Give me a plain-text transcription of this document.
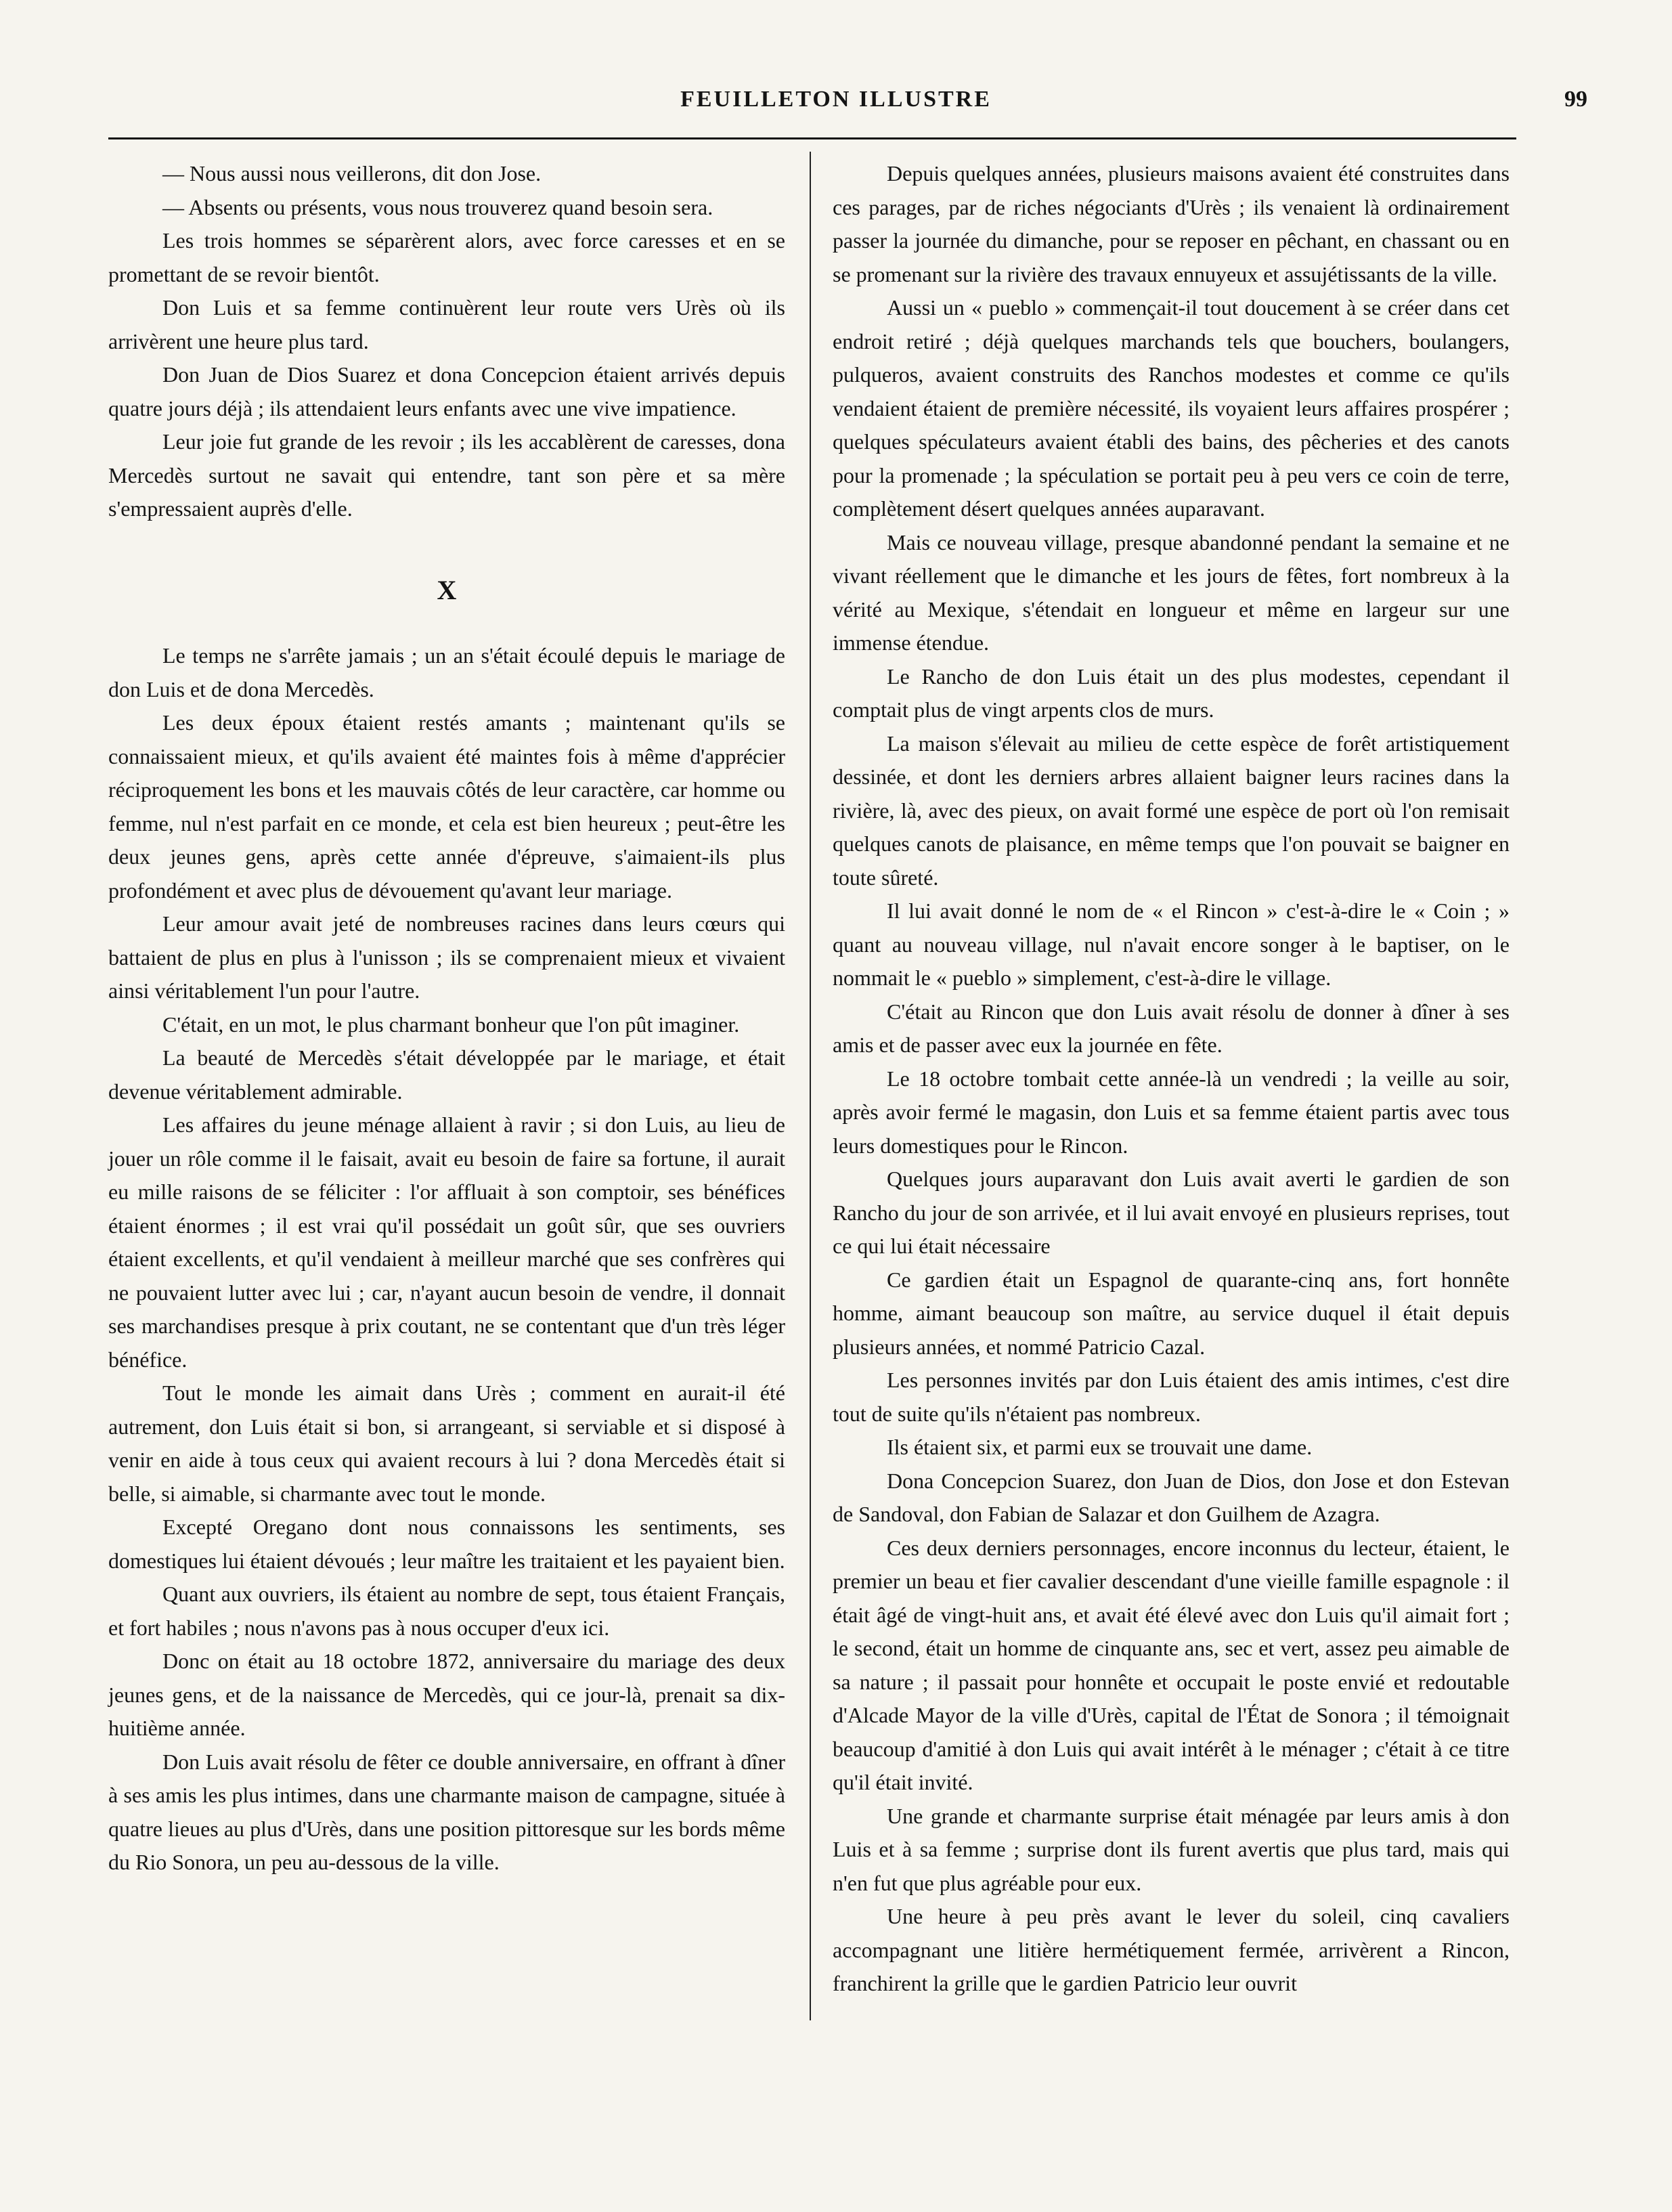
FEUILLETON ILLUSTRE	99

— Nous aussi nous veillerons, dit don Jose.

— Absents ou présents, vous nous trouverez quand besoin sera.

Les trois hommes se séparèrent alors, avec force caresses et en se promettant de se revoir bientôt.

Don Luis et sa femme continuèrent leur route vers Urès où ils arrivèrent une heure plus tard.

Don Juan de Dios Suarez et dona Concepcion étaient arrivés depuis quatre jours déjà ; ils attendaient leurs enfants avec une vive impatience.

Leur joie fut grande de les revoir ; ils les accablèrent de caresses, dona Mercedès surtout ne savait qui entendre, tant son père et sa mère s'empressaient auprès d'elle.

X

Le temps ne s'arrête jamais ; un an s'était écoulé depuis le mariage de don Luis et de dona Mercedès.

Les deux époux étaient restés amants ; maintenant qu'ils se connaissaient mieux, et qu'ils avaient été maintes fois à même d'apprécier réciproquement les bons et les mauvais côtés de leur caractère, car homme ou femme, nul n'est parfait en ce monde, et cela est bien heureux ; peut-être les deux jeunes gens, après cette année d'épreuve, s'aimaient-ils plus profondément et avec plus de dévouement qu'avant leur mariage.

Leur amour avait jeté de nombreuses racines dans leurs cœurs qui battaient de plus en plus à l'unisson ; ils se comprenaient mieux et vivaient ainsi véritablement l'un pour l'autre.

C'était, en un mot, le plus charmant bonheur que l'on pût imaginer.

La beauté de Mercedès s'était développée par le mariage, et était devenue véritablement admirable.

Les affaires du jeune ménage allaient à ravir ; si don Luis, au lieu de jouer un rôle comme il le faisait, avait eu besoin de faire sa fortune, il aurait eu mille raisons de se féliciter : l'or affluait à son comptoir, ses bénéfices étaient énormes ; il est vrai qu'il possédait un goût sûr, que ses ouvriers étaient excellents, et qu'il vendaient à meilleur marché que ses confrères qui ne pouvaient lutter avec lui ; car, n'ayant aucun besoin de vendre, il donnait ses marchandises presque à prix coutant, ne se contentant que d'un très léger bénéfice.

Tout le monde les aimait dans Urès ; comment en aurait-il été autrement, don Luis était si bon, si arrangeant, si serviable et si disposé à venir en aide à tous ceux qui avaient recours à lui ? dona Mercedès était si belle, si aimable, si charmante avec tout le monde.

Excepté Oregano dont nous connaissons les sentiments, ses domestiques lui étaient dévoués ; leur maître les traitaient et les payaient bien.

Quant aux ouvriers, ils étaient au nombre de sept, tous étaient Français, et fort habiles ; nous n'avons pas à nous occuper d'eux ici.

Donc on était au 18 octobre 1872, anniversaire du mariage des deux jeunes gens, et de la naissance de Mercedès, qui ce jour-là, prenait sa dix-huitième année.

Don Luis avait résolu de fêter ce double anniversaire, en offrant à dîner à ses amis les plus intimes, dans une charmante maison de campagne, située à quatre lieues au plus d'Urès, dans une position pittoresque sur les bords même du Rio Sonora, un peu au-dessous de la ville.

Depuis quelques années, plusieurs maisons avaient été construites dans ces parages, par de riches négociants d'Urès ; ils venaient là ordinairement passer la journée du dimanche, pour se reposer en pêchant, en chassant ou en se promenant sur la rivière des travaux ennuyeux et assujétissants de la ville.

Aussi un « pueblo » commençait-il tout doucement à se créer dans cet endroit retiré ; déjà quelques marchands tels que bouchers, boulangers, pulqueros, avaient construits des Ranchos modestes et comme ce qu'ils vendaient étaient de première nécessité, ils voyaient leurs affaires prospérer ; quelques spéculateurs avaient établi des bains, des pêcheries et des canots pour la promenade ; la spéculation se portait peu à peu vers ce coin de terre, complètement désert quelques années auparavant.

Mais ce nouveau village, presque abandonné pendant la semaine et ne vivant réellement que le dimanche et les jours de fêtes, fort nombreux à la vérité au Mexique, s'étendait en longueur et même en largeur sur une immense étendue.

Le Rancho de don Luis était un des plus modestes, cependant il comptait plus de vingt arpents clos de murs.

La maison s'élevait au milieu de cette espèce de forêt artistiquement dessinée, et dont les derniers arbres allaient baigner leurs racines dans la rivière, là, avec des pieux, on avait formé une espèce de port où l'on remisait quelques canots de plaisance, en même temps que l'on pouvait se baigner en toute sûreté.

Il lui avait donné le nom de « el Rincon » c'est-à-dire le « Coin ; » quant au nouveau village, nul n'avait encore songer à le baptiser, on le nommait le « pueblo » simplement, c'est-à-dire le village.

C'était au Rincon que don Luis avait résolu de donner à dîner à ses amis et de passer avec eux la journée en fête.

Le 18 octobre tombait cette année-là un vendredi ; la veille au soir, après avoir fermé le magasin, don Luis et sa femme étaient partis avec tous leurs domestiques pour le Rincon.

Quelques jours auparavant don Luis avait averti le gardien de son Rancho du jour de son arrivée, et il lui avait envoyé en plusieurs reprises, tout ce qui lui était nécessaire

Ce gardien était un Espagnol de quarante-cinq ans, fort honnête homme, aimant beaucoup son maître, au service duquel il était depuis plusieurs années, et nommé Patricio Cazal.

Les personnes invités par don Luis étaient des amis intimes, c'est dire tout de suite qu'ils n'étaient pas nombreux.

Ils étaient six, et parmi eux se trouvait une dame.

Dona Concepcion Suarez, don Juan de Dios, don Jose et don Estevan de Sandoval, don Fabian de Salazar et don Guilhem de Azagra.

Ces deux derniers personnages, encore inconnus du lecteur, étaient, le premier un beau et fier cavalier descendant d'une vieille famille espagnole : il était âgé de vingt-huit ans, et avait été élevé avec don Luis qu'il aimait fort ; le second, était un homme de cinquante ans, sec et vert, assez peu aimable de sa nature ; il passait pour honnête et occupait le poste envié et redoutable d'Alcade Mayor de la ville d'Urès, capital de l'État de Sonora ; il témoignait beaucoup d'amitié à don Luis qui avait intérêt à le ménager ; c'était à ce titre qu'il était invité.

Une grande et charmante surprise était ménagée par leurs amis à don Luis et à sa femme ; surprise dont ils furent avertis que plus tard, mais qui n'en fut que plus agréable pour eux.

Une heure à peu près avant le lever du soleil, cinq cavaliers accompagnant une litière hermétiquement fermée, arrivèrent a Rincon, franchirent la grille que le gardien Patricio leur ouvrit
